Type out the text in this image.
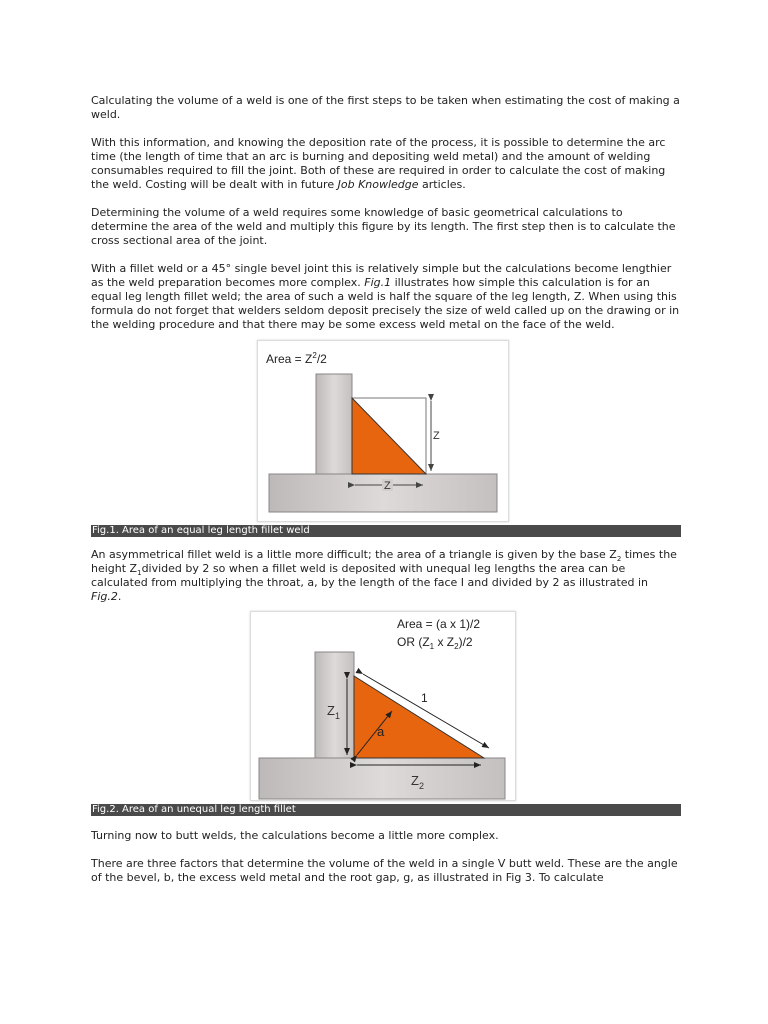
Calculating the volume of a weld is one of the first steps to be taken when estimating the cost of making a weld.

With this information, and knowing the deposition rate of the process, it is possible to determine the arc time (the length of time that an arc is burning and depositing weld metal) and the amount of welding consumables required to fill the joint. Both of these are required in order to calculate the cost of making the weld. Costing will be dealt with in future Job Knowledge articles.

Determining the volume of a weld requires some knowledge of basic geometrical calculations to determine the area of the weld and multiply this figure by its length. The first step then is to calculate the cross sectional area of the joint.

With a fillet weld or a 45° single bevel joint this is relatively simple but the calculations become lengthier as the weld preparation becomes more complex. Fig.1 illustrates how simple this calculation is for an equal leg length fillet weld; the area of such a weld is half the square of the leg length, Z. When using this formula do not forget that welders seldom deposit precisely the size of weld called up on the drawing or in the welding procedure and that there may be some excess weld metal on the face of the weld.

Area = $Z^2/2$
Z
Z
Fig.1. Area of an equal leg length fillet weld

An asymmetrical fillet weld is a little more difficult; the area of a triangle is given by the base $Z_2$ times the height $Z_1divided$ by 2 so when a fillet weld is deposited with unequal leg lengths the area can be calculated from multiplying the throat, a, by the length of the face I and divided by 2 as illustrated in Fig.2.

Area = (a x 1)/2
OR ($Z_1$ x $Z_2)/2$
$Z_1$
1
a
$Z_2$
Fig.2. Area of an unequal leg length fillet

Turning now to butt welds, the calculations become a little more complex.

There are three factors that determine the volume of the weld in a single V butt weld. These are the angle of the bevel, b, the excess weld metal and the root gap, g, as illustrated in Fig 3. To calculate
